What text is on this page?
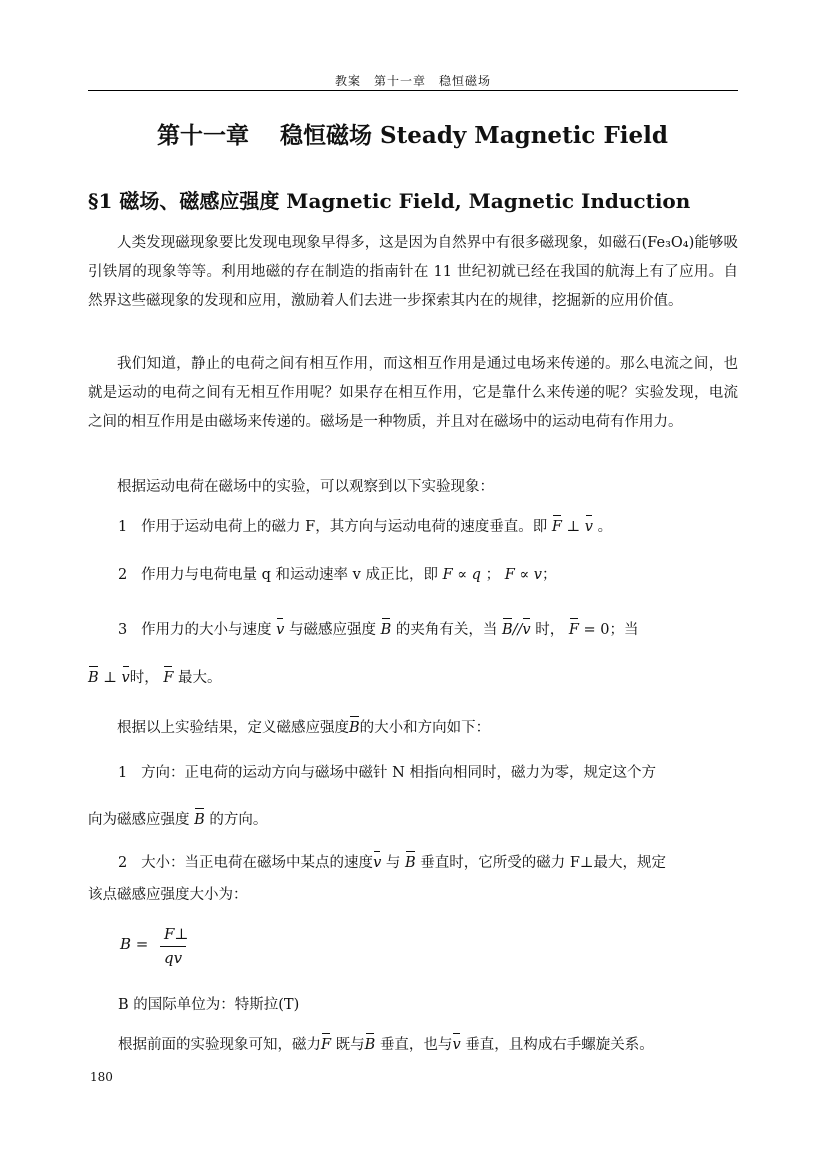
教案　第十一章　稳恒磁场
第十一章　 稳恒磁场 Steady Magnetic Field
§1 磁场、磁感应强度 Magnetic Field, Magnetic Induction

人类发现磁现象要比发现电现象早得多，这是因为自然界中有很多磁现象，如磁石(Fe₃O₄)能够吸引铁屑的现象等等。利用地磁的存在制造的指南针在 11 世纪初就已经在我国的航海上有了应用。自然界这些磁现象的发现和应用，激励着人们去进一步探索其内在的规律，挖掘新的应用价值。

我们知道，静止的电荷之间有相互作用，而这相互作用是通过电场来传递的。那么电流之间，也就是运动的电荷之间有无相互作用呢？如果存在相互作用，它是靠什么来传递的呢？实验发现，电流之间的相互作用是由磁场来传递的。磁场是一种物质，并且对在磁场中的运动电荷有作用力。

根据运动电荷在磁场中的实验，可以观察到以下实验现象：

1 作用于运动电荷上的磁力 F，其方向与运动电荷的速度垂直。即 F ⊥ v 。
2 作用力与电荷电量 q 和运动速率 v 成正比，即 F ∝ q ； F ∝ v；
3 作用力的大小与速度 v 与磁感应强度 B 的夹角有关，当 B//v 时， F = 0；当
B ⊥ v时， F 最大。
根据以上实验结果，定义磁感应强度B的大小和方向如下：
1 方向：正电荷的运动方向与磁场中磁针 N 相指向相同时，磁力为零，规定这个方
向为磁感应强度 B 的方向。
2 大小：当正电荷在磁场中某点的速度v 与 B 垂直时，它所受的磁力 F⊥最大，规定
该点磁感应强度大小为：
B =
F⊥
qv
B 的国际单位为：特斯拉(T)
根据前面的实验现象可知，磁力F 既与B 垂直，也与v 垂直，且构成右手螺旋关系。
180
